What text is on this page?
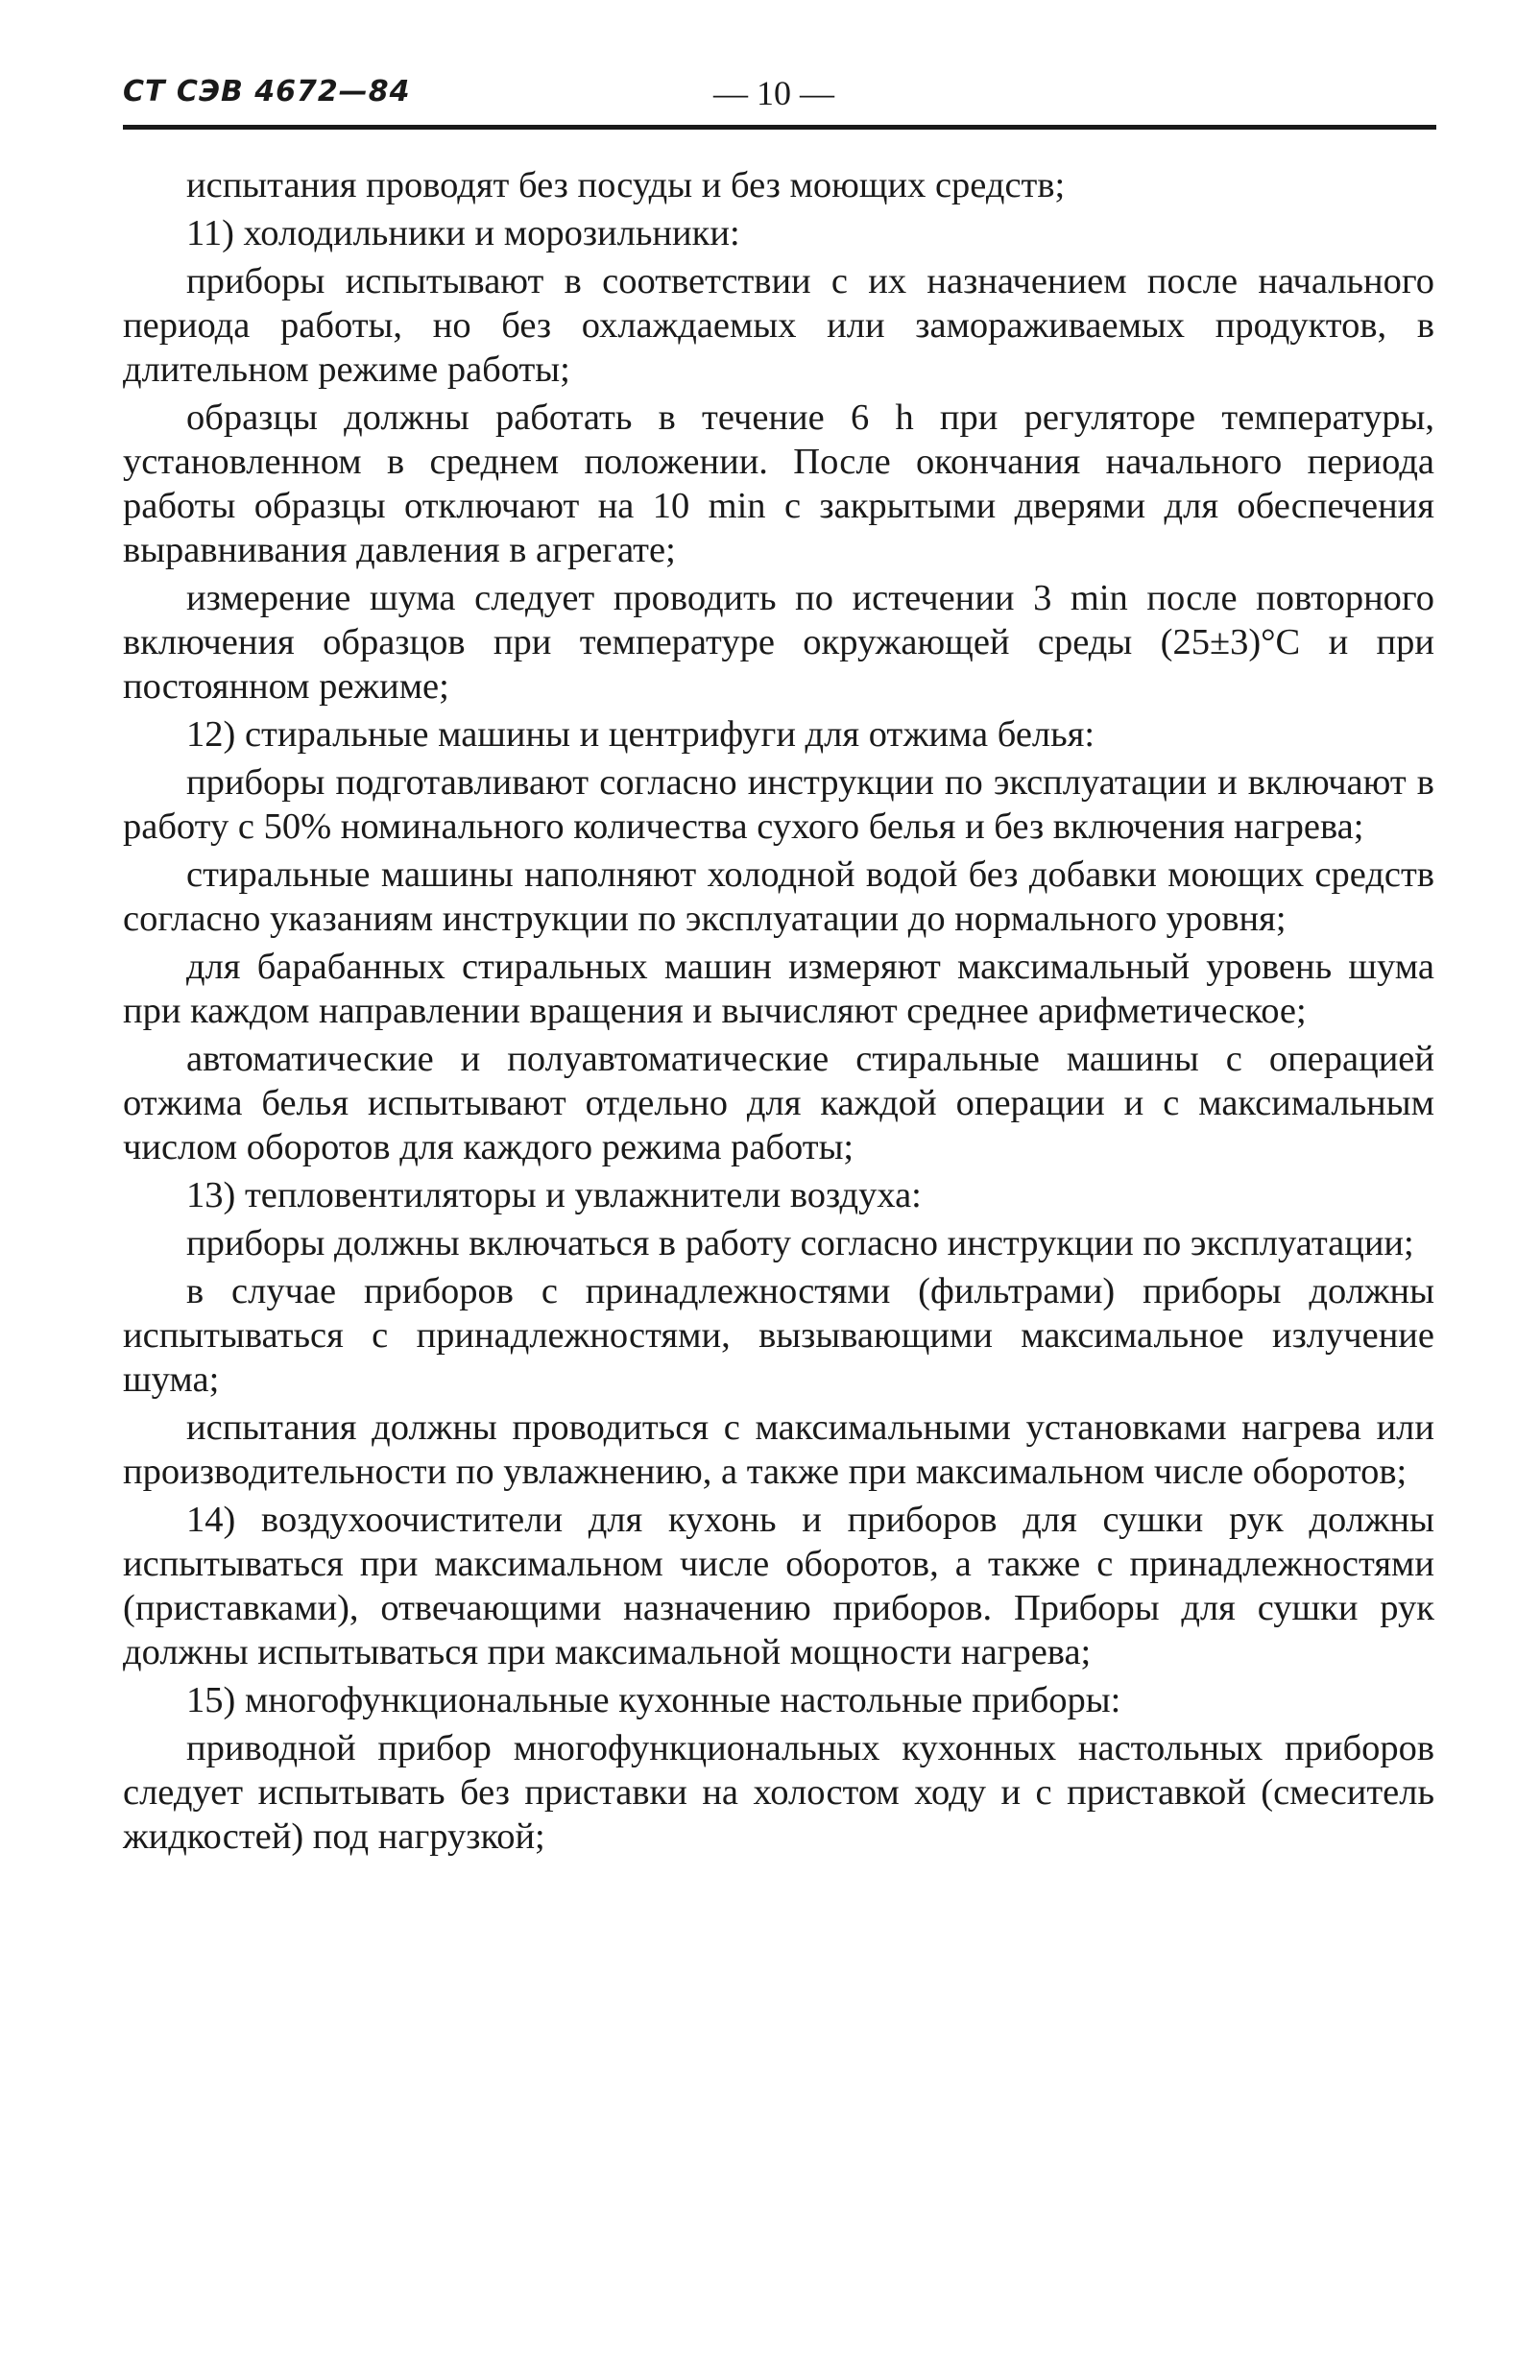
СТ СЭВ 4672—84	— 10 —

испытания проводят без посуды и без моющих средств;

11) холодильники и морозильники:

приборы испытывают в соответствии с их назначением после начального периода работы, но без охлаждаемых или замораживаемых продуктов, в длительном режиме работы;

образцы должны работать в течение 6 h при регуляторе температуры, установленном в среднем положении. После окончания начального периода работы образцы отключают на 10 min с закрытыми дверями для обеспечения выравнивания давления в агрегате;

измерение шума следует проводить по истечении 3 min после повторного включения образцов при температуре окружающей среды (25±3)°C и при постоянном режиме;

12) стиральные машины и центрифуги для отжима белья:

приборы подготавливают согласно инструкции по эксплуатации и включают в работу с 50% номинального количества сухого белья и без включения нагрева;

стиральные машины наполняют холодной водой без добавки моющих средств согласно указаниям инструкции по эксплуатации до нормального уровня;

для барабанных стиральных машин измеряют максимальный уровень шума при каждом направлении вращения и вычисляют среднее арифметическое;

автоматические и полуавтоматические стиральные машины с операцией отжима белья испытывают отдельно для каждой операции и с максимальным числом оборотов для каждого режима работы;

13) тепловентиляторы и увлажнители воздуха:

приборы должны включаться в работу согласно инструкции по эксплуатации;

в случае приборов с принадлежностями (фильтрами) приборы должны испытываться с принадлежностями, вызывающими максимальное излучение шума;

испытания должны проводиться с максимальными установками нагрева или производительности по увлажнению, а также при максимальном числе оборотов;

14) воздухоочистители для кухонь и приборов для сушки рук должны испытываться при максимальном числе оборотов, а также с принадлежностями (приставками), отвечающими назначению приборов. Приборы для сушки рук должны испытываться при максимальной мощности нагрева;

15) многофункциональные кухонные настольные приборы:

приводной прибор многофункциональных кухонных настольных приборов следует испытывать без приставки на холостом ходу и с приставкой (смеситель жидкостей) под нагрузкой;
